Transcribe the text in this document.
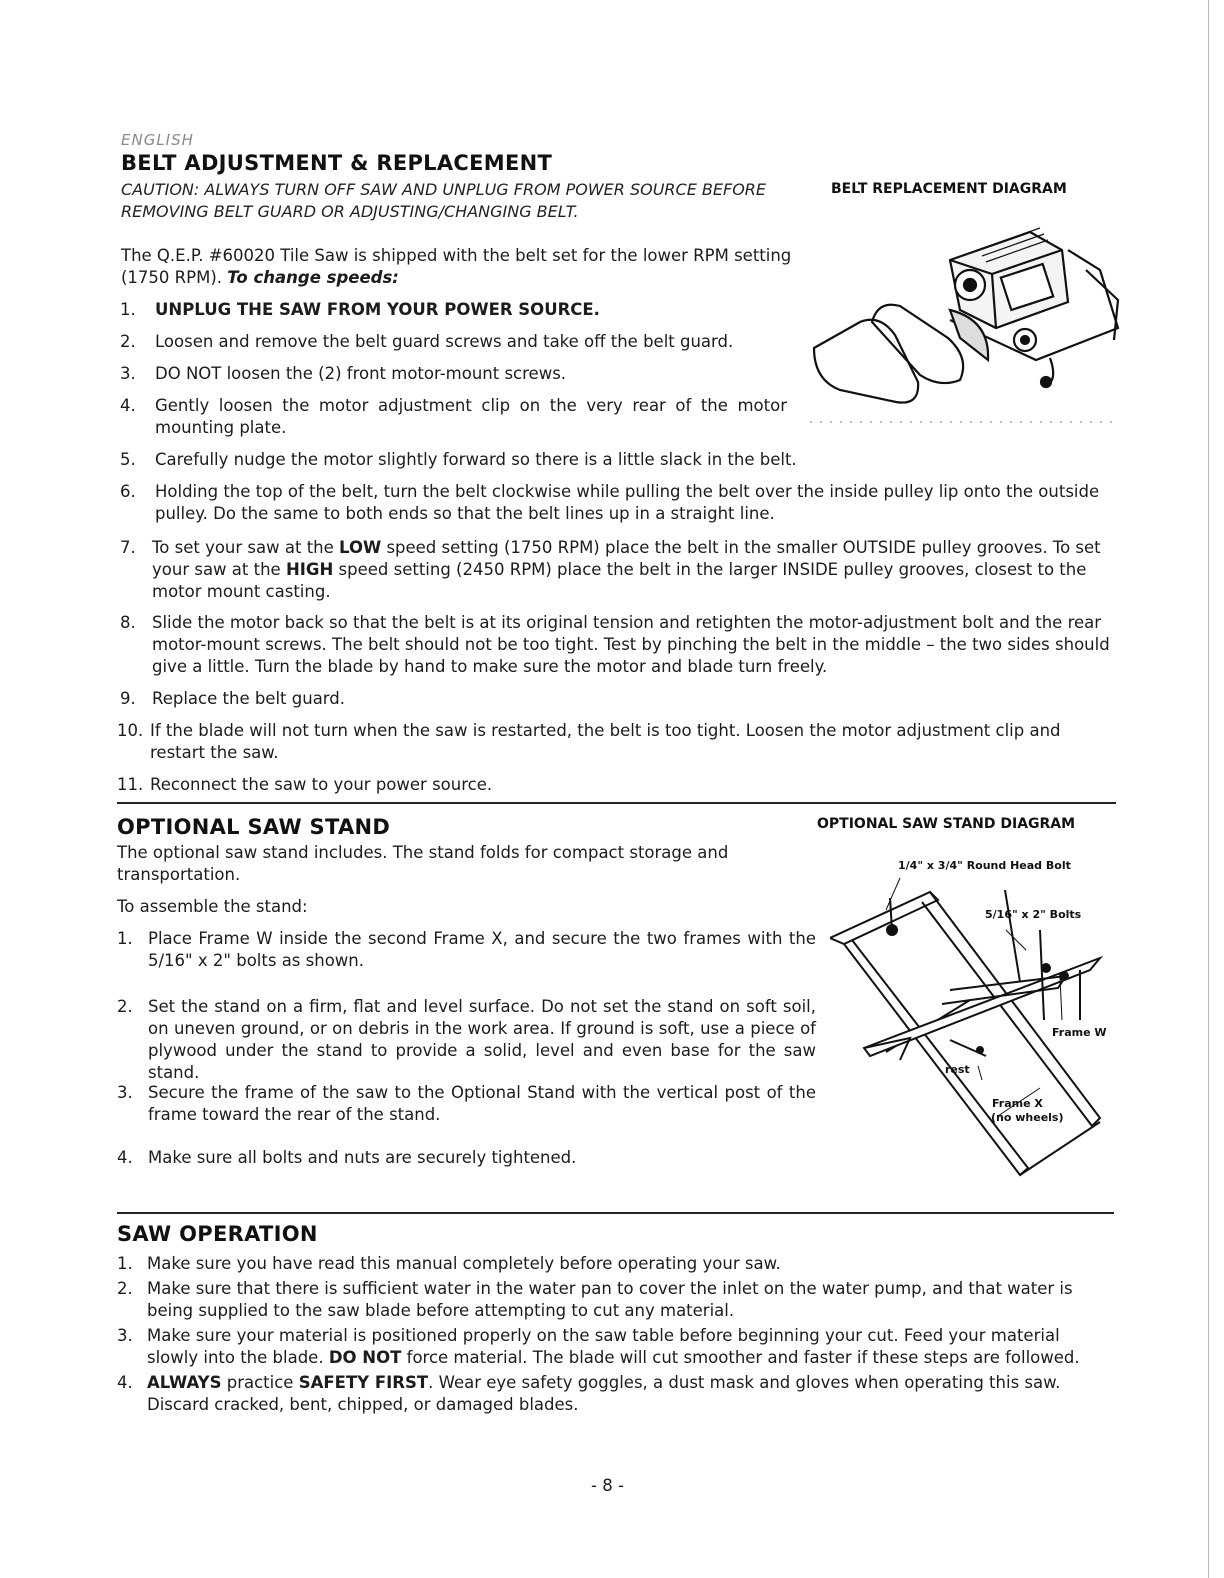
ENGLISH
BELT ADJUSTMENT & REPLACEMENT
CAUTION: ALWAYS TURN OFF SAW AND UNPLUG FROM POWER SOURCE BEFORE
REMOVING BELT GUARD OR ADJUSTING/CHANGING BELT.
BELT REPLACEMENT DIAGRAM
The Q.E.P. #60020 Tile Saw is shipped with the belt set for the lower RPM setting
(1750 RPM). To change speeds:
1. UNPLUG THE SAW FROM YOUR POWER SOURCE.
2. Loosen and remove the belt guard screws and take off the belt guard.
3. DO NOT loosen the (2) front motor-mount screws.
4. Gently loosen the motor adjustment clip on the very rear of the motor mounting plate.
5. Carefully nudge the motor slightly forward so there is a little slack in the belt.
6. Holding the top of the belt, turn the belt clockwise while pulling the belt over the inside pulley lip onto the outside pulley. Do the same to both ends so that the belt lines up in a straight line.
7. To set your saw at the LOW speed setting (1750 RPM) place the belt in the smaller OUTSIDE pulley grooves. To set your saw at the HIGH speed setting (2450 RPM) place the belt in the larger INSIDE pulley grooves, closest to the motor mount casting.
8. Slide the motor back so that the belt is at its original tension and retighten the motor-adjustment bolt and the rear motor-mount screws. The belt should not be too tight. Test by pinching the belt in the middle – the two sides should give a little. Turn the blade by hand to make sure the motor and blade turn freely.
9. Replace the belt guard.
10. If the blade will not turn when the saw is restarted, the belt is too tight. Loosen the motor adjustment clip and restart the saw.
11. Reconnect the saw to your power source.
OPTIONAL SAW STAND	OPTIONAL SAW STAND DIAGRAM
The optional saw stand includes. The stand folds for compact storage and transportation.
To assemble the stand:
1. Place Frame W inside the second Frame X, and secure the two frames with the 5/16" x 2" bolts as shown.
2. Set the stand on a firm, flat and level surface. Do not set the stand on soft soil, on uneven ground, or on debris in the work area. If ground is soft, use a piece of plywood under the stand to provide a solid, level and even base for the saw stand.
3. Secure the frame of the saw to the Optional Stand with the vertical post of the frame toward the rear of the stand.
4. Make sure all bolts and nuts are securely tightened.
1/4" x 3/4" Round Head Bolt
5/16" x 2" Bolts
Frame W
rest
Frame X
(no wheels)
SAW OPERATION
1. Make sure you have read this manual completely before operating your saw.
2. Make sure that there is sufficient water in the water pan to cover the inlet on the water pump, and that water is being supplied to the saw blade before attempting to cut any material.
3. Make sure your material is positioned properly on the saw table before beginning your cut. Feed your material slowly into the blade. DO NOT force material. The blade will cut smoother and faster if these steps are followed.
4. ALWAYS practice SAFETY FIRST. Wear eye safety goggles, a dust mask and gloves when operating this saw. Discard cracked, bent, chipped, or damaged blades.
- 8 -
